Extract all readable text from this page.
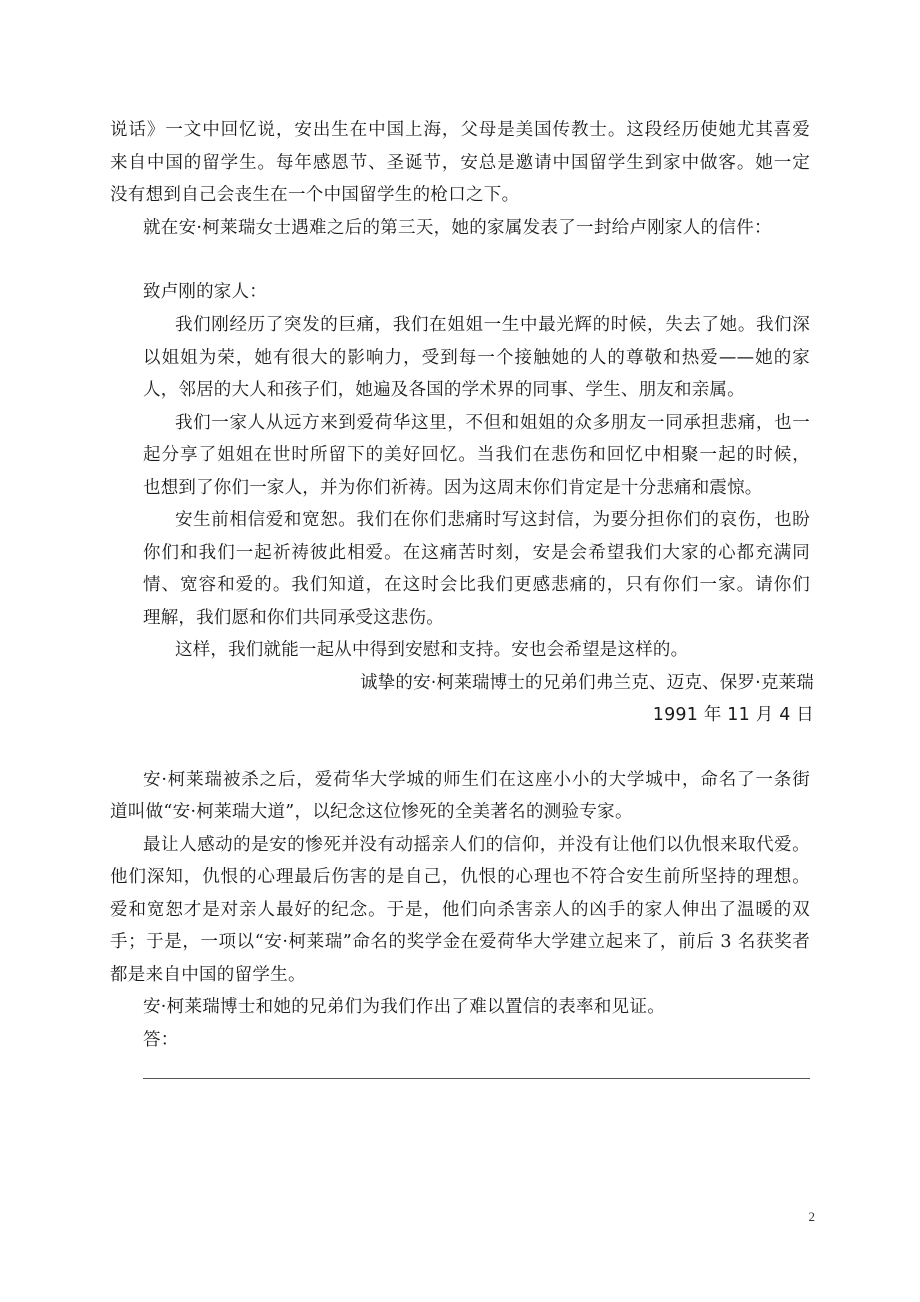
说话》一文中回忆说，安出生在中国上海，父母是美国传教士。这段经历使她尤其喜爱
来自中国的留学生。每年感恩节、圣诞节，安总是邀请中国留学生到家中做客。她一定
没有想到自己会丧生在一个中国留学生的枪口之下。
就在安·柯莱瑞女士遇难之后的第三天，她的家属发表了一封给卢刚家人的信件：
致卢刚的家人：
我们刚经历了突发的巨痛，我们在姐姐一生中最光辉的时候，失去了她。我们深
以姐姐为荣，她有很大的影响力，受到每一个接触她的人的尊敬和热爱——她的家
人，邻居的大人和孩子们，她遍及各国的学术界的同事、学生、朋友和亲属。
我们一家人从远方来到爱荷华这里，不但和姐姐的众多朋友一同承担悲痛，也一
起分享了姐姐在世时所留下的美好回忆。当我们在悲伤和回忆中相聚一起的时候，
也想到了你们一家人，并为你们祈祷。因为这周末你们肯定是十分悲痛和震惊。
安生前相信爱和宽恕。我们在你们悲痛时写这封信，为要分担你们的哀伤，也盼
你们和我们一起祈祷彼此相爱。在这痛苦时刻，安是会希望我们大家的心都充满同
情、宽容和爱的。我们知道，在这时会比我们更感悲痛的，只有你们一家。请你们
理解，我们愿和你们共同承受这悲伤。
这样，我们就能一起从中得到安慰和支持。安也会希望是这样的。
诚挚的安·柯莱瑞博士的兄弟们弗兰克、迈克、保罗·克莱瑞
1991 年 11 月 4 日
安·柯莱瑞被杀之后，爱荷华大学城的师生们在这座小小的大学城中，命名了一条街
道叫做“安·柯莱瑞大道”，以纪念这位惨死的全美著名的测验专家。
最让人感动的是安的惨死并没有动摇亲人们的信仰，并没有让他们以仇恨来取代爱。
他们深知，仇恨的心理最后伤害的是自己，仇恨的心理也不符合安生前所坚持的理想。
爱和宽恕才是对亲人最好的纪念。于是，他们向杀害亲人的凶手的家人伸出了温暖的双
手；于是，一项以“安·柯莱瑞”命名的奖学金在爱荷华大学建立起来了，前后 3 名获奖者
都是来自中国的留学生。
安·柯莱瑞博士和她的兄弟们为我们作出了难以置信的表率和见证。
答：
2
